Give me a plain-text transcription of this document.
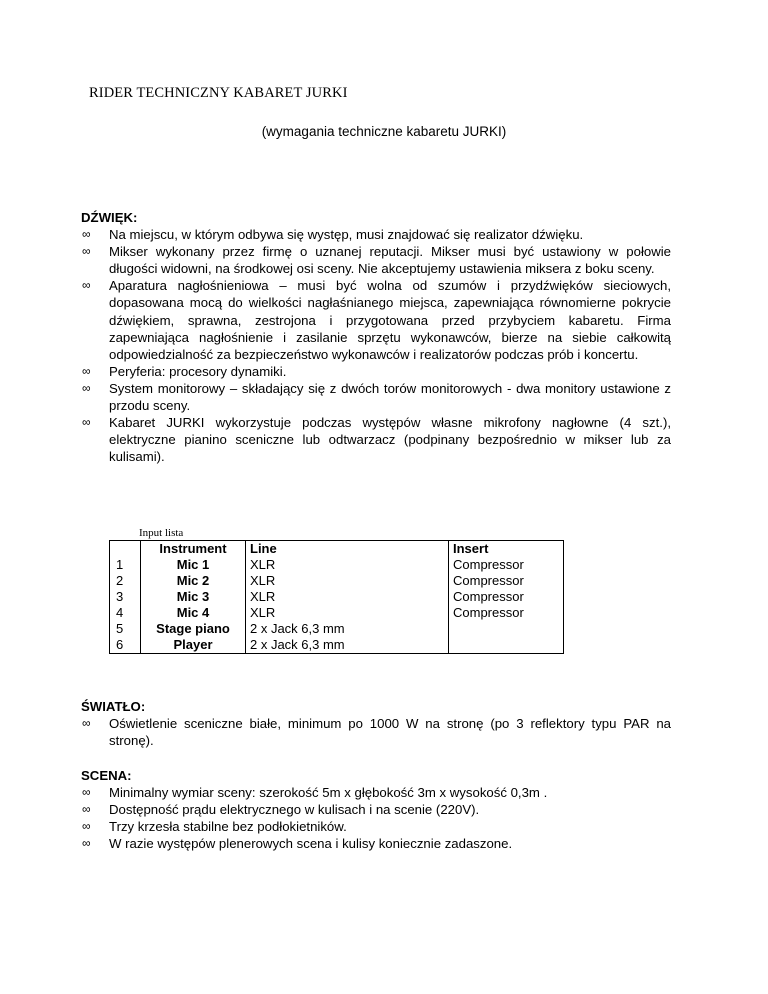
RIDER TECHNICZNY KABARET JURKI
(wymagania techniczne kabaretu JURKI)

DŹWIĘK:

∞ Na miejscu, w którym odbywa się występ, musi znajdować się realizator dźwięku.
∞ Mikser wykonany przez firmę o uznanej reputacji. Mikser musi być ustawiony w połowie długości widowni, na środkowej osi sceny. Nie akceptujemy ustawienia miksera z boku sceny.
∞ Aparatura nagłośnieniowa – musi być wolna od szumów i przydźwięków sieciowych, dopasowana mocą do wielkości nagłaśnianego miejsca, zapewniająca równomierne pokrycie dźwiękiem, sprawna, zestrojona i przygotowana przed przybyciem kabaretu. Firma zapewniająca nagłośnienie i zasilanie sprzętu wykonawców, bierze na siebie całkowitą odpowiedzialność za bezpieczeństwo wykonawców i realizatorów podczas prób i koncertu.
∞ Peryferia: procesory dynamiki.
∞ System monitorowy – składający się z dwóch torów monitorowych - dwa monitory ustawione z przodu sceny.
∞ Kabaret JURKI wykorzystuje podczas występów własne mikrofony nagłowne (4 szt.), elektryczne pianino sceniczne lub odtwarzacz (podpinany bezpośrednio w mikser lub za kulisami).
Input lista
	Instrument	Line	Insert
1	Mic 1	XLR	Compressor
2	Mic 2	XLR	Compressor
3	Mic 3	XLR	Compressor
4	Mic 4	XLR	Compressor
5	Stage piano	2 x Jack 6,3 mm	
6	Player	2 x Jack 6,3 mm	

ŚWIATŁO:

∞ Oświetlenie sceniczne białe, minimum po 1000 W na stronę (po 3 reflektory typu PAR na stronę).

SCENA:

∞ Minimalny wymiar sceny: szerokość 5m x głębokość 3m x wysokość 0,3m .
∞ Dostępność prądu elektrycznego w kulisach i na scenie (220V).
∞ Trzy krzesła stabilne bez podłokietników.
∞ W razie występów plenerowych scena i kulisy koniecznie zadaszone.
